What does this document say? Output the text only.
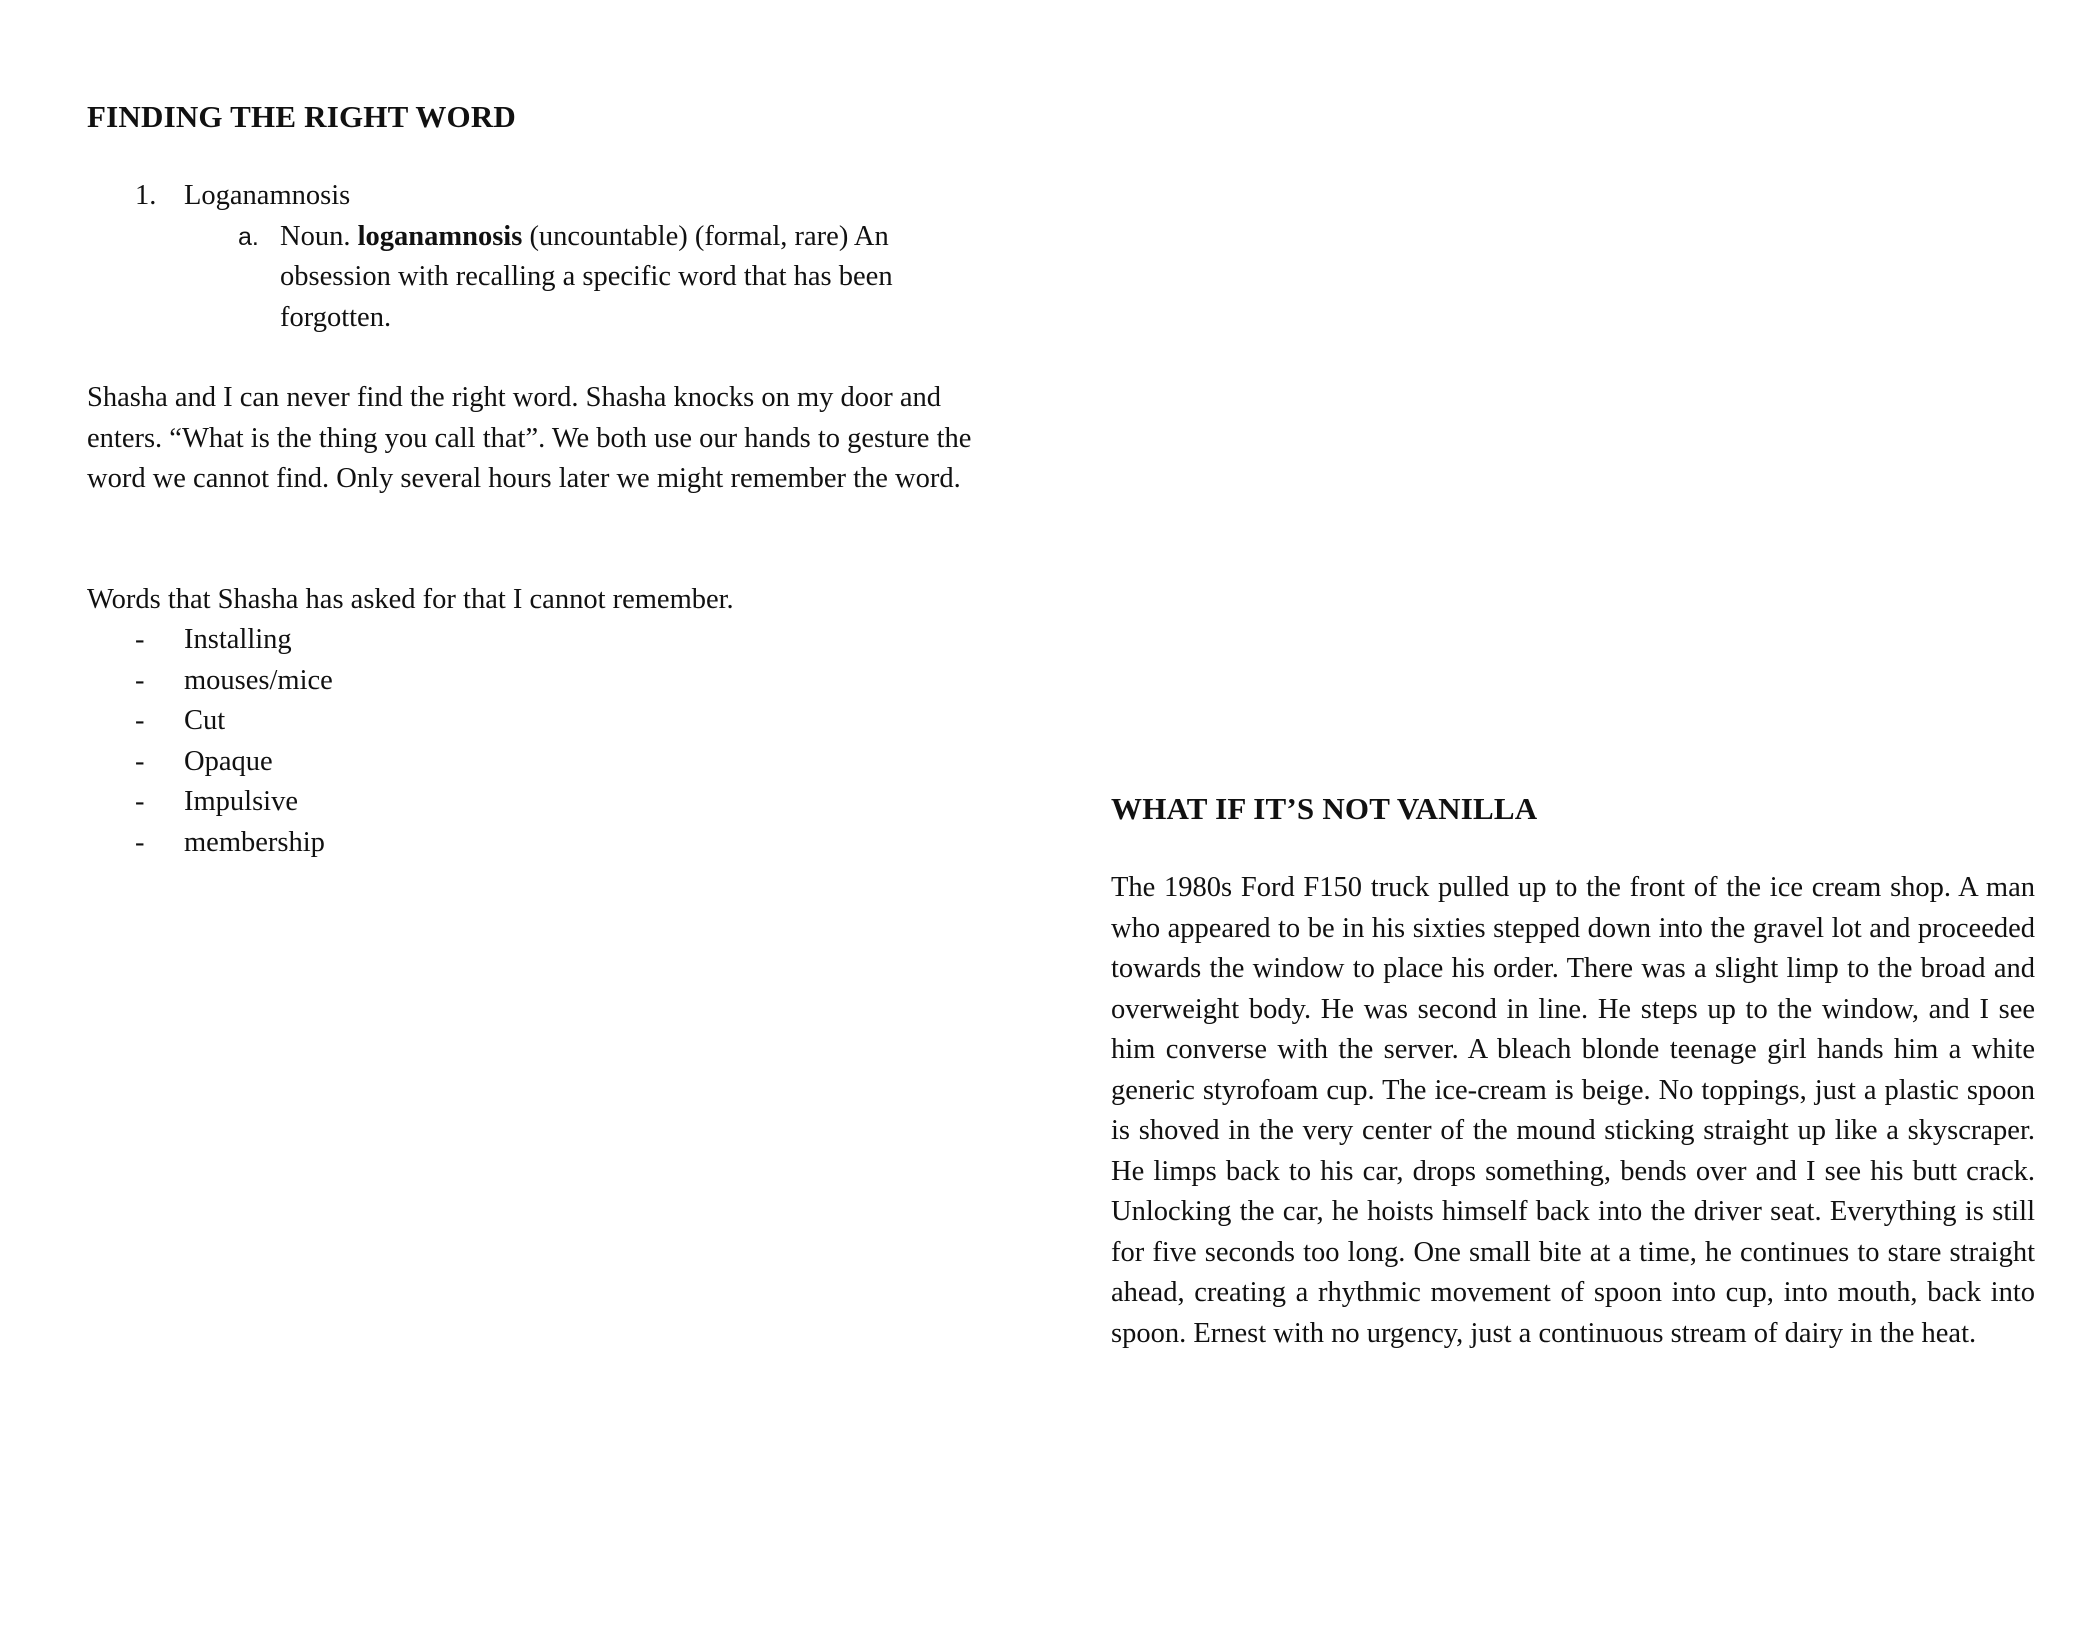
FINDING THE RIGHT WORD
1. Loganamnosis
a. Noun. loganamnosis (uncountable) (formal, rare) An obsession with recalling a specific word that has been forgotten.

Shasha and I can never find the right word. Shasha knocks on my door and enters. “What is the thing you call that”. We both use our hands to gesture the word we cannot find. Only several hours later we might remember the word.

Words that Shasha has asked for that I cannot remember.

- Installing
- mouses/mice
- Cut
- Opaque
- Impulsive
- membership
WHAT IF IT’S NOT VANILLA

The 1980s Ford F150 truck pulled up to the front of the ice cream shop. A man who appeared to be in his sixties stepped down into the gravel lot and proceeded towards the window to place his order. There was a slight limp to the broad and overweight body. He was second in line. He steps up to the window, and I see him converse with the server. A bleach blonde teenage girl hands him a white generic styrofoam cup. The ice-cream is beige. No toppings, just a plastic spoon is shoved in the very center of the mound sticking straight up like a skyscraper. He limps back to his car, drops something, bends over and I see his butt crack. Unlocking the car, he hoists himself back into the driver seat. Everything is still for five seconds too long. One small bite at a time, he continues to stare straight ahead, creating a rhythmic movement of spoon into cup, into mouth, back into spoon. Ernest with no urgency, just a continuous stream of dairy in the heat.
